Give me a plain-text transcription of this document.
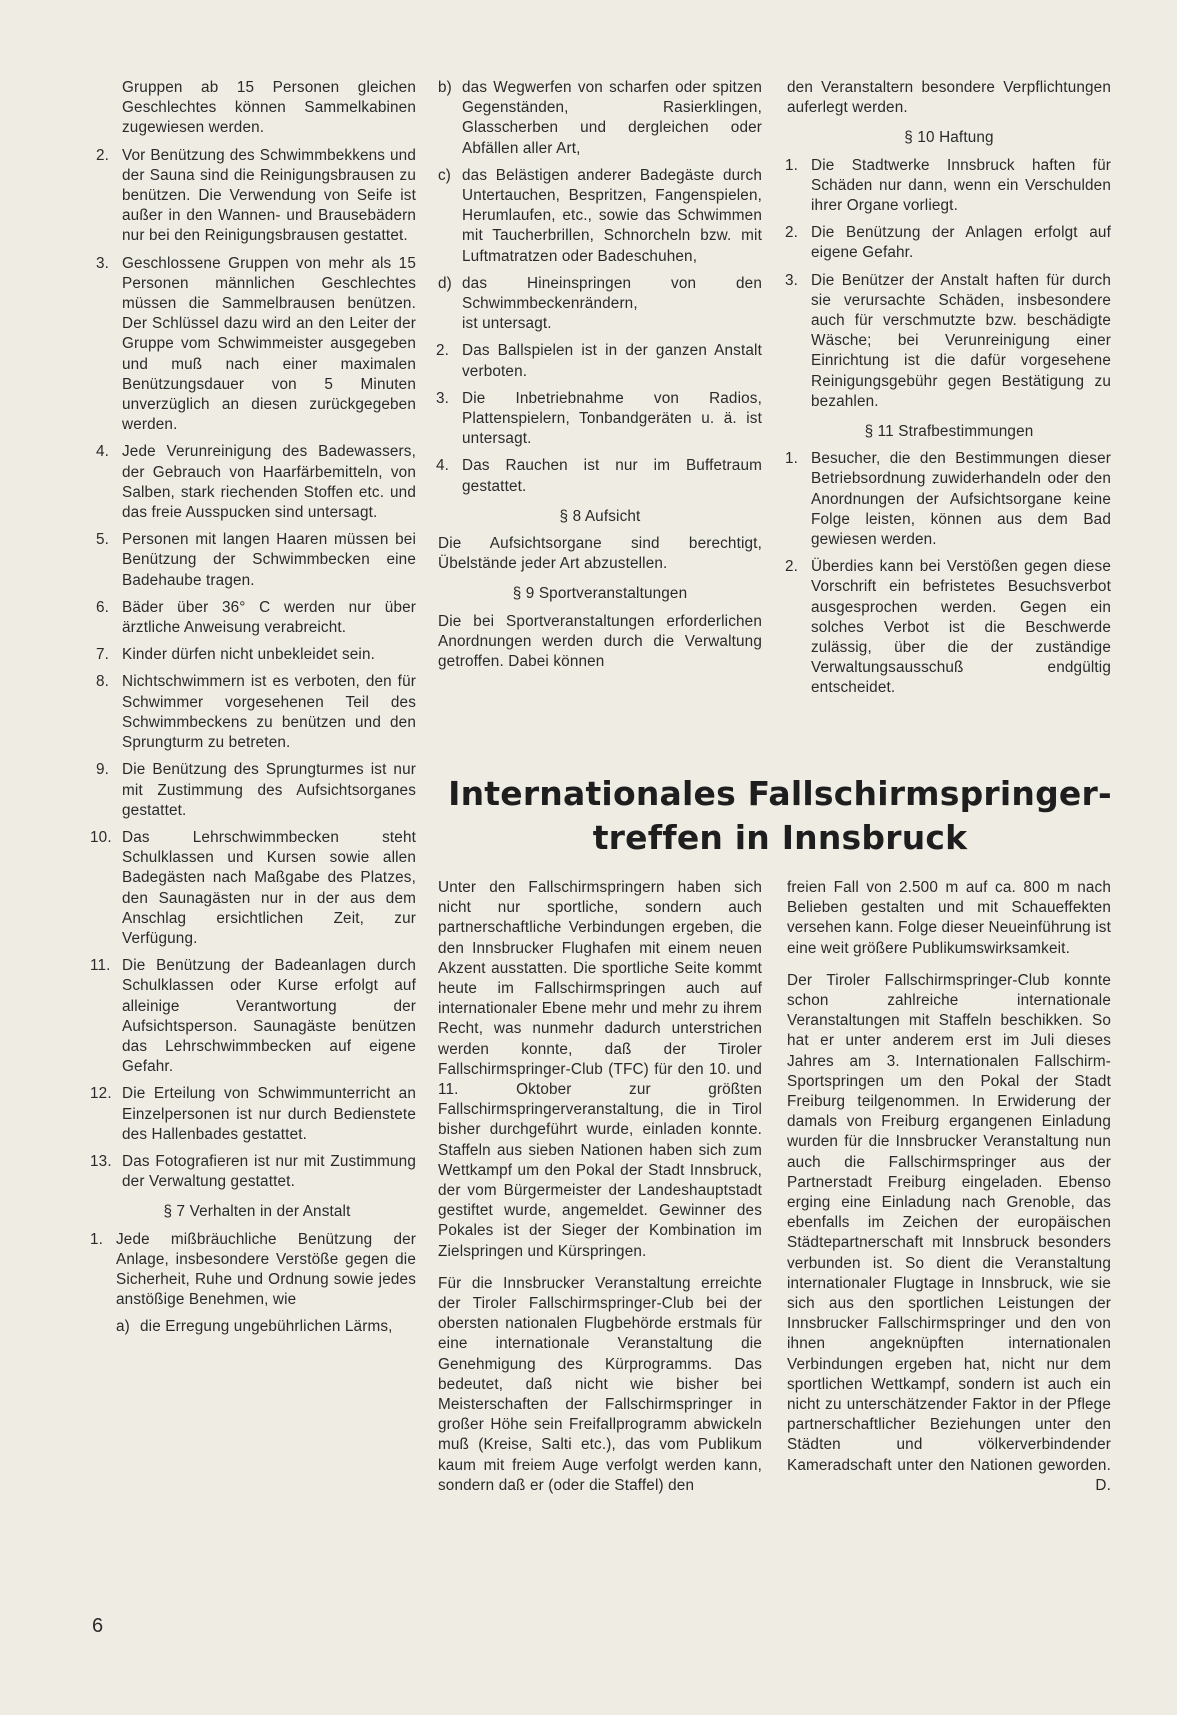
Gruppen ab 15 Personen gleichen Geschlechtes können Sammelkabinen zugewiesen werden.
2. Vor Benützung des Schwimmbekkens und der Sauna sind die Reinigungsbrausen zu benützen. Die Verwendung von Seife ist außer in den Wannen- und Brausebädern nur bei den Reinigungsbrausen gestattet.
3. Geschlossene Gruppen von mehr als 15 Personen männlichen Geschlechtes müssen die Sammelbrausen benützen. Der Schlüssel dazu wird an den Leiter der Gruppe vom Schwimmeister ausgegeben und muß nach einer maximalen Benützungsdauer von 5 Minuten unverzüglich an diesen zurückgegeben werden.
4. Jede Verunreinigung des Badewassers, der Gebrauch von Haarfärbemitteln, von Salben, stark riechenden Stoffen etc. und das freie Ausspucken sind untersagt.
5. Personen mit langen Haaren müssen bei Benützung der Schwimmbecken eine Badehaube tragen.
6. Bäder über 36° C werden nur über ärztliche Anweisung verabreicht.
7. Kinder dürfen nicht unbekleidet sein.
8. Nichtschwimmern ist es verboten, den für Schwimmer vorgesehenen Teil des Schwimmbeckens zu benützen und den Sprungturm zu betreten.
9. Die Benützung des Sprungturmes ist nur mit Zustimmung des Aufsichtsorganes gestattet.
10. Das Lehrschwimmbecken steht Schulklassen und Kursen sowie allen Badegästen nach Maßgabe des Platzes, den Saunagästen nur in der aus dem Anschlag ersichtlichen Zeit, zur Verfügung.
11. Die Benützung der Badeanlagen durch Schulklassen oder Kurse erfolgt auf alleinige Verantwortung der Aufsichtsperson. Saunagäste benützen das Lehrschwimmbecken auf eigene Gefahr.
12. Die Erteilung von Schwimmunterricht an Einzelpersonen ist nur durch Bedienstete des Hallenbades gestattet.
13. Das Fotografieren ist nur mit Zustimmung der Verwaltung gestattet.
§ 7 Verhalten in der Anstalt
1. Jede mißbräuchliche Benützung der Anlage, insbesondere Verstöße gegen die Sicherheit, Ruhe und Ordnung sowie jedes anstößige Benehmen, wie
a) die Erregung ungebührlichen Lärms,
b) das Wegwerfen von scharfen oder spitzen Gegenständen, Rasierklingen, Glasscherben und dergleichen oder Abfällen aller Art,
c) das Belästigen anderer Badegäste durch Untertauchen, Bespritzen, Fangenspielen, Herumlaufen, etc., sowie das Schwimmen mit Taucherbrillen, Schnorcheln bzw. mit Luftmatratzen oder Badeschuhen,
d) das Hineinspringen von den Schwimmbeckenrändern,
ist untersagt.
2. Das Ballspielen ist in der ganzen Anstalt verboten.
3. Die Inbetriebnahme von Radios, Plattenspielern, Tonbandgeräten u. ä. ist untersagt.
4. Das Rauchen ist nur im Buffetraum gestattet.
§ 8 Aufsicht
Die Aufsichtsorgane sind berechtigt, Übelstände jeder Art abzustellen.
§ 9 Sportveranstaltungen
Die bei Sportveranstaltungen erforderlichen Anordnungen werden durch die Verwaltung getroffen. Dabei können
den Veranstaltern besondere Verpflichtungen auferlegt werden.
§ 10 Haftung
1. Die Stadtwerke Innsbruck haften für Schäden nur dann, wenn ein Verschulden ihrer Organe vorliegt.
2. Die Benützung der Anlagen erfolgt auf eigene Gefahr.
3. Die Benützer der Anstalt haften für durch sie verursachte Schäden, insbesondere auch für verschmutzte bzw. beschädigte Wäsche; bei Verunreinigung einer Einrichtung ist die dafür vorgesehene Reinigungsgebühr gegen Bestätigung zu bezahlen.
§ 11 Strafbestimmungen
1. Besucher, die den Bestimmungen dieser Betriebsordnung zuwiderhandeln oder den Anordnungen der Aufsichtsorgane keine Folge leisten, können aus dem Bad gewiesen werden.
2. Überdies kann bei Verstößen gegen diese Vorschrift ein befristetes Besuchsverbot ausgesprochen werden. Gegen ein solches Verbot ist die Beschwerde zulässig, über die der zuständige Verwaltungsausschuß endgültig entscheidet.
Internationales Fallschirmspringer-
treffen in Innsbruck
Unter den Fallschirmspringern haben sich nicht nur sportliche, sondern auch partnerschaftliche Verbindungen ergeben, die den Innsbrucker Flughafen mit einem neuen Akzent ausstatten. Die sportliche Seite kommt heute im Fallschirmspringen auch auf internationaler Ebene mehr und mehr zu ihrem Recht, was nunmehr dadurch unterstrichen werden konnte, daß der Tiroler Fallschirmspringer-Club (TFC) für den 10. und 11. Oktober zur größten Fallschirmspringerveranstaltung, die in Tirol bisher durchgeführt wurde, einladen konnte. Staffeln aus sieben Nationen haben sich zum Wettkampf um den Pokal der Stadt Innsbruck, der vom Bürgermeister der Landeshauptstadt gestiftet wurde, angemeldet. Gewinner des Pokales ist der Sieger der Kombination im Zielspringen und Kürspringen.
Für die Innsbrucker Veranstaltung erreichte der Tiroler Fallschirmspringer-Club bei der obersten nationalen Flugbehörde erstmals für eine internationale Veranstaltung die Genehmigung des Kürprogramms. Das bedeutet, daß nicht wie bisher bei Meisterschaften der Fallschirmspringer in großer Höhe sein Freifallprogramm abwickeln muß (Kreise, Salti etc.), das vom Publikum kaum mit freiem Auge verfolgt werden kann, sondern daß er (oder die Staffel) den
freien Fall von 2.500 m auf ca. 800 m nach Belieben gestalten und mit Schaueffekten versehen kann. Folge dieser Neueinführung ist eine weit größere Publikumswirksamkeit.
Der Tiroler Fallschirmspringer-Club konnte schon zahlreiche internationale Veranstaltungen mit Staffeln beschikken. So hat er unter anderem erst im Juli dieses Jahres am 3. Internationalen Fallschirm-Sportspringen um den Pokal der Stadt Freiburg teilgenommen. In Erwiderung der damals von Freiburg ergangenen Einladung wurden für die Innsbrucker Veranstaltung nun auch die Fallschirmspringer aus der Partnerstadt Freiburg eingeladen. Ebenso erging eine Einladung nach Grenoble, das ebenfalls im Zeichen der europäischen Städtepartnerschaft mit Innsbruck besonders verbunden ist. So dient die Veranstaltung internationaler Flugtage in Innsbruck, wie sie sich aus den sportlichen Leistungen der Innsbrucker Fallschirmspringer und den von ihnen angeknüpften internationalen Verbindungen ergeben hat, nicht nur dem sportlichen Wettkampf, sondern ist auch ein nicht zu unterschätzender Faktor in der Pflege partnerschaftlicher Beziehungen unter den Städten und völkerverbindender Kameradschaft unter den Nationen geworden.
D.
6
